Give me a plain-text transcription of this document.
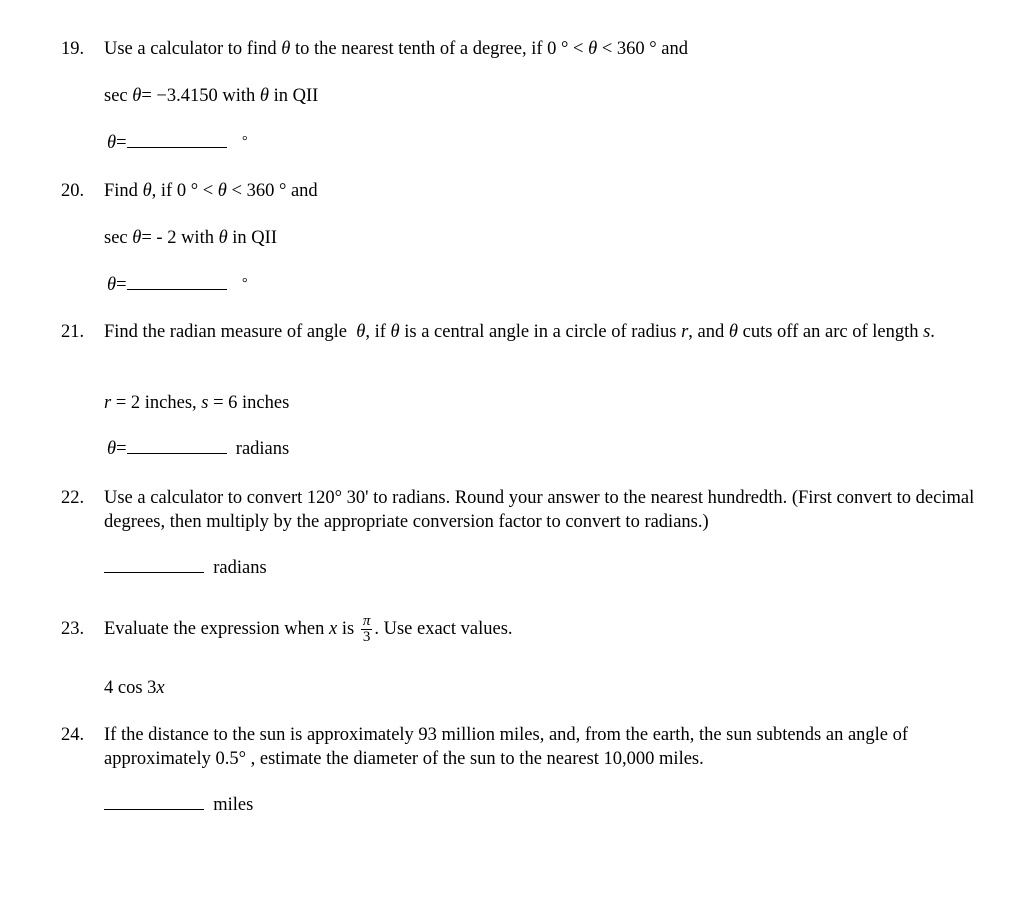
19. Use a calculator to find θ to the nearest tenth of a degree, if 0 ° < θ < 360 ° and
sec θ= −3.4150 with θ in QII
θ=	°
20. Find θ, if 0 ° < θ < 360 ° and
sec θ= - 2 with θ in QII
θ=	°
21. Find the radian measure of angle θ, if θ is a central angle in a circle of radius r, and θ cuts off an arc of length s.
r = 2 inches, s = 6 inches
θ=	radians
22. Use a calculator to convert 120° 30' to radians. Round your answer to the nearest hundredth. (First convert to decimal degrees, then multiply by the appropriate conversion factor to convert to radians.)
radians
23. Evaluate the expression when x is $\frac{\pi}{3}$ . Use exact values.
4 cos 3x
24. If the distance to the sun is approximately 93 million miles, and, from the earth, the sun subtends an angle of approximately 0.5° , estimate the diameter of the sun to the nearest 10,000 miles.
miles
